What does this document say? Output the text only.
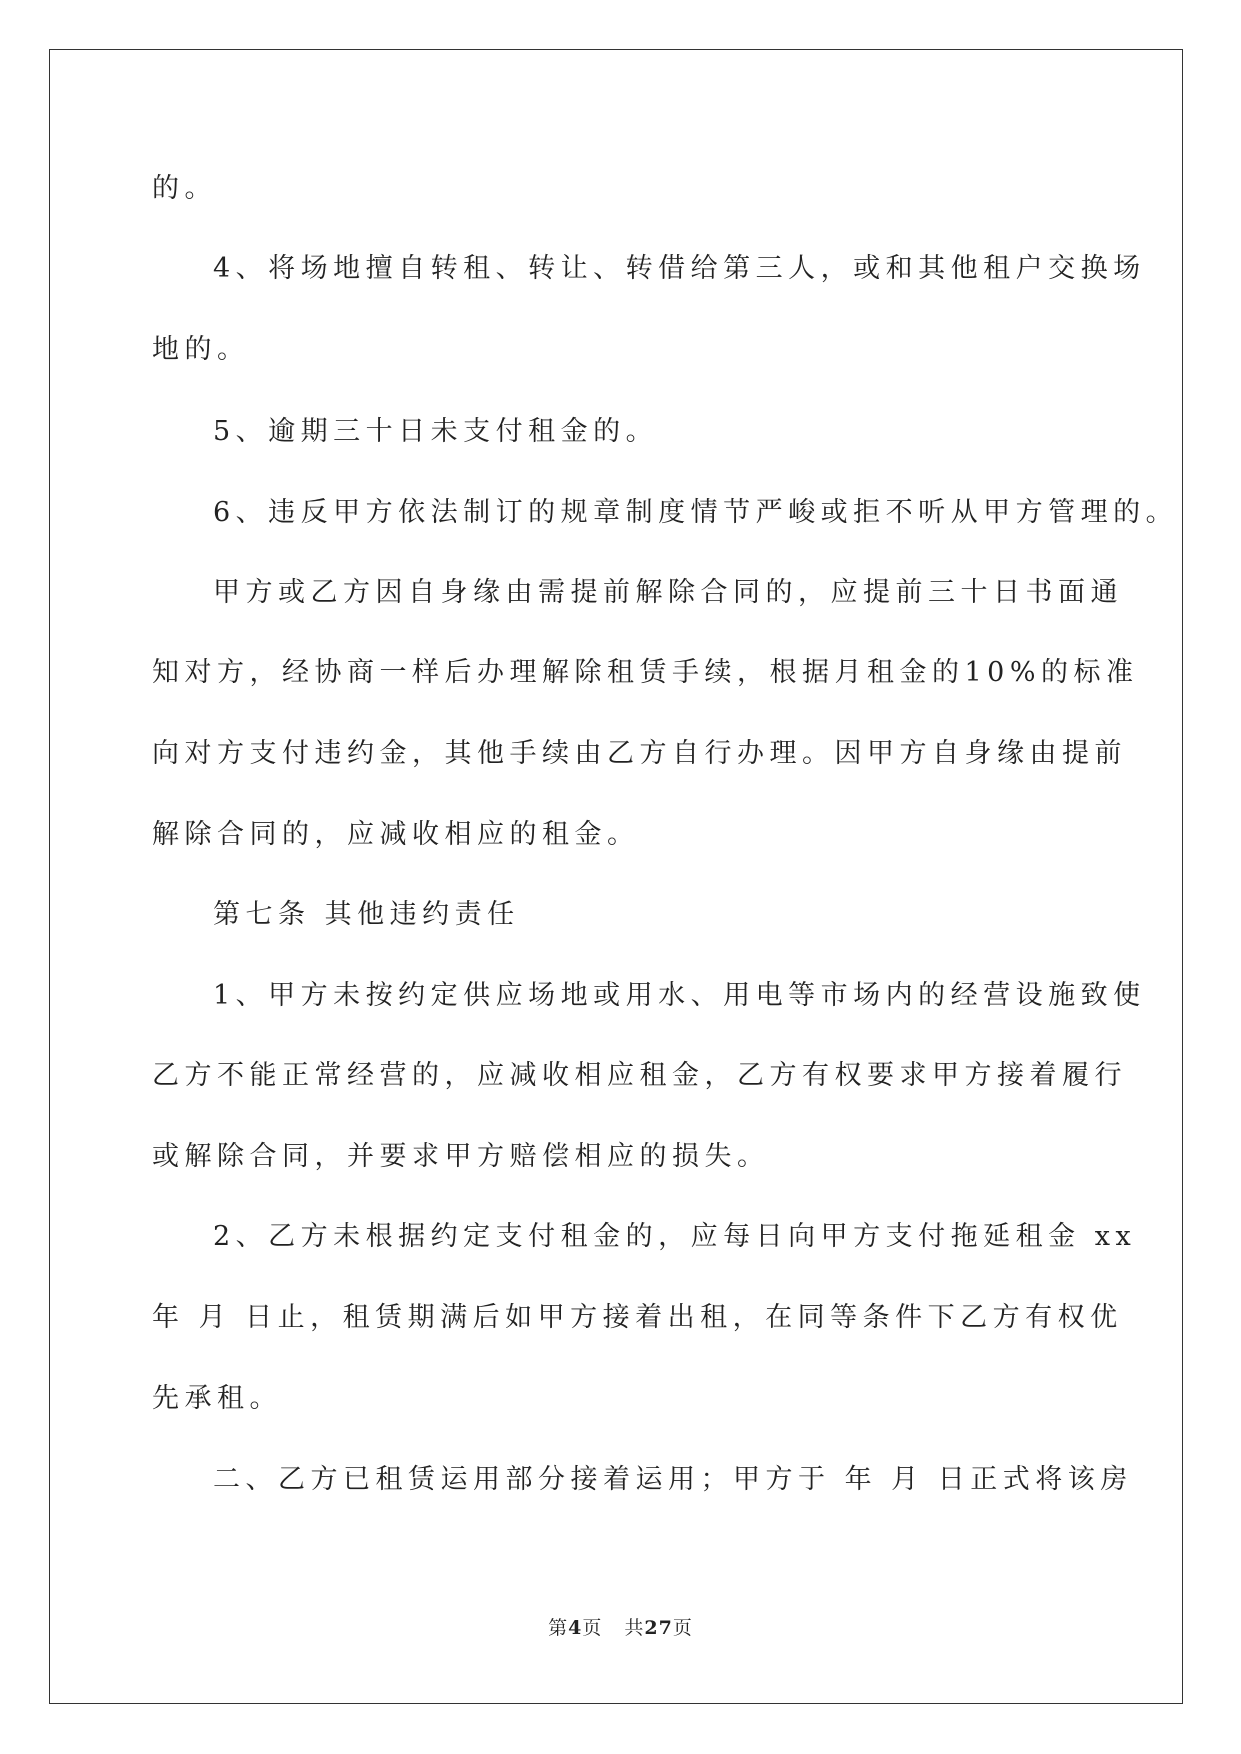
的。
4、将场地擅自转租、转让、转借给第三人，或和其他租户交换场
地的。
5、逾期三十日未支付租金的。
6、违反甲方依法制订的规章制度情节严峻或拒不听从甲方管理的。
甲方或乙方因自身缘由需提前解除合同的，应提前三十日书面通
知对方，经协商一样后办理解除租赁手续，根据月租金的10%的标准
向对方支付违约金，其他手续由乙方自行办理。因甲方自身缘由提前
解除合同的，应减收相应的租金。
第七条 其他违约责任
1、甲方未按约定供应场地或用水、用电等市场内的经营设施致使
乙方不能正常经营的，应减收相应租金，乙方有权要求甲方接着履行
或解除合同，并要求甲方赔偿相应的损失。
2、乙方未根据约定支付租金的，应每日向甲方支付拖延租金 xx
年 月 日止，租赁期满后如甲方接着出租，在同等条件下乙方有权优
先承租。
二、乙方已租赁运用部分接着运用；甲方于 年 月 日正式将该房
第4页 共27页
